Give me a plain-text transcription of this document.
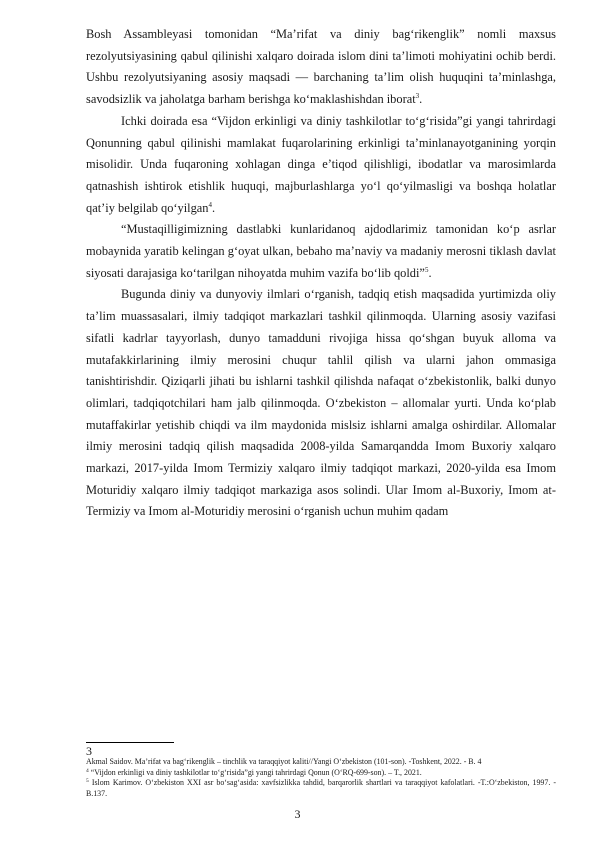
Bosh Assambleyasi tomonidan “Ma’rifat va diniy bag‘rikenglik” nomli maxsus rezolyutsiyasining qabul qilinishi xalqaro doirada islom dini ta’limoti mohiyatini ochib berdi. Ushbu rezolyutsiyaning asosiy maqsadi — barchaning ta’lim olish huquqini ta’minlashga, savodsizlik va jaholatga barham berishga ko‘maklashishdan iborat$^3$.

Ichki doirada esa “Vijdon erkinligi va diniy tashkilotlar to‘g‘risida”gi yangi tahrirdagi Qonunning qabul qilinishi mamlakat fuqarolarining erkinligi ta’minlanayotganining yorqin misolidir. Unda fuqaroning xohlagan dinga e’tiqod qilishligi, ibodatlar va marosimlarda qatnashish ishtirok etishlik huquqi, majburlashlarga yo‘l qo‘yilmasligi va boshqa holatlar qat’iy belgilab qo‘yilgan$^4$.

“Mustaqilligimizning dastlabki kunlaridanoq ajdodlarimiz tamonidan ko‘p asrlar mobaynida yaratib kelingan g‘oyat ulkan, bebaho ma’naviy va madaniy merosni tiklash davlat siyosati darajasiga ko‘tarilgan nihoyatda muhim vazifa bo‘lib qoldi”$^5$.

Bugunda diniy va dunyoviy ilmlari o‘rganish, tadqiq etish maqsadida yurtimizda oliy ta’lim muassasalari, ilmiy tadqiqot markazlari tashkil qilinmoqda. Ularning asosiy vazifasi sifatli kadrlar tayyorlash, dunyo tamadduni rivojiga hissa qo‘shgan buyuk alloma va mutafakkirlarining ilmiy merosini chuqur tahlil qilish va ularni jahon ommasiga tanishtirishdir. Qiziqarli jihati bu ishlarni tashkil qilishda nafaqat o‘zbekistonlik, balki dunyo olimlari, tadqiqotchilari ham jalb qilinmoqda. O‘zbekiston – allomalar yurti. Unda ko‘plab mutaffakirlar yetishib chiqdi va ilm maydonida mislsiz ishlarni amalga oshirdilar. Allomalar ilmiy merosini tadqiq qilish maqsadida 2008-yilda Samarqandda Imom Buxoriy xalqaro markazi, 2017-yilda Imom Termiziy xalqaro ilmiy tadqiqot markazi, 2020-yilda esa Imom Moturidiy xalqaro ilmiy tadqiqot markaziga asos solindi. Ular Imom al-Buxoriy, Imom at-Termiziy va Imom al-Moturidiy merosini o‘rganish uchun muhim qadam

3

Akmal Saidov. Ma’rifat va bag‘rikenglik – tinchlik va taraqqiyot kaliti//Yangi O‘zbekiston (101-son). -Toshkent, 2022. - B. 4

$^4$ “Vijdon erkinligi va diniy tashkilotlar to‘g‘risida”gi yangi tahrirdagi Qonun (O‘RQ-699-son). – T., 2021.

$^5$ Islom Karimov. O‘zbekiston XXI asr bo‘sag‘asida: xavfsizlikka tahdid, barqarorlik shartlari va taraqqiyot kafolatlari. -T.:O‘zbekiston, 1997. -B.137.

3
